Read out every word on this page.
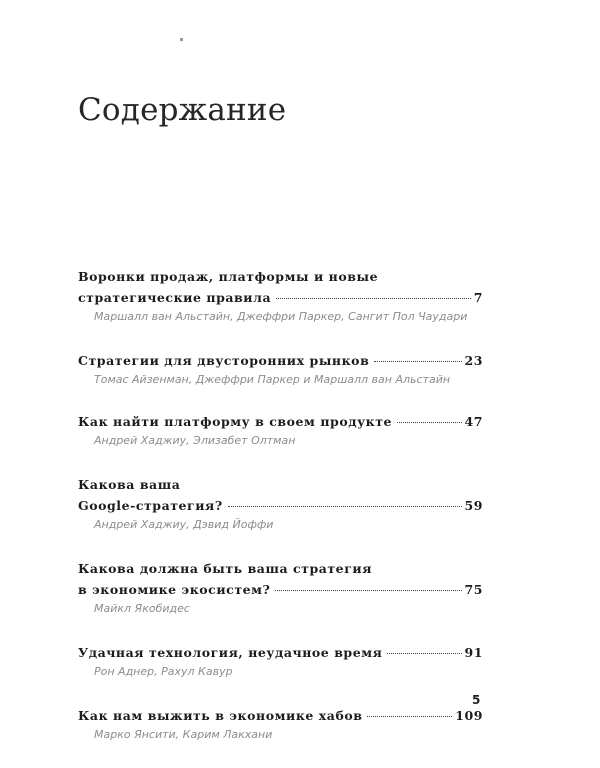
Содержание
Воронки продаж, платформы и новые
стратегические правила	7
Маршалл ван Альстайн, Джеффри Паркер, Сангит Пол Чаудари
Стратегии для двусторонних рынков	23
Томас Айзенман, Джеффри Паркер и Маршалл ван Альстайн
Как найти платформу в своем продукте	47
Андрей Хаджиу, Элизабет Олтман
Какова ваша
Google-стратегия?	59
Андрей Хаджиу, Дэвид Йоффи
Какова должна быть ваша стратегия
в экономике экосистем?	75
Майкл Якобидес
Удачная технология, неудачное время	91
Рон Аднер, Рахул Кавур
Как нам выжить в экономике хабов	109
Марко Янсити, Карим Лакхани
5
